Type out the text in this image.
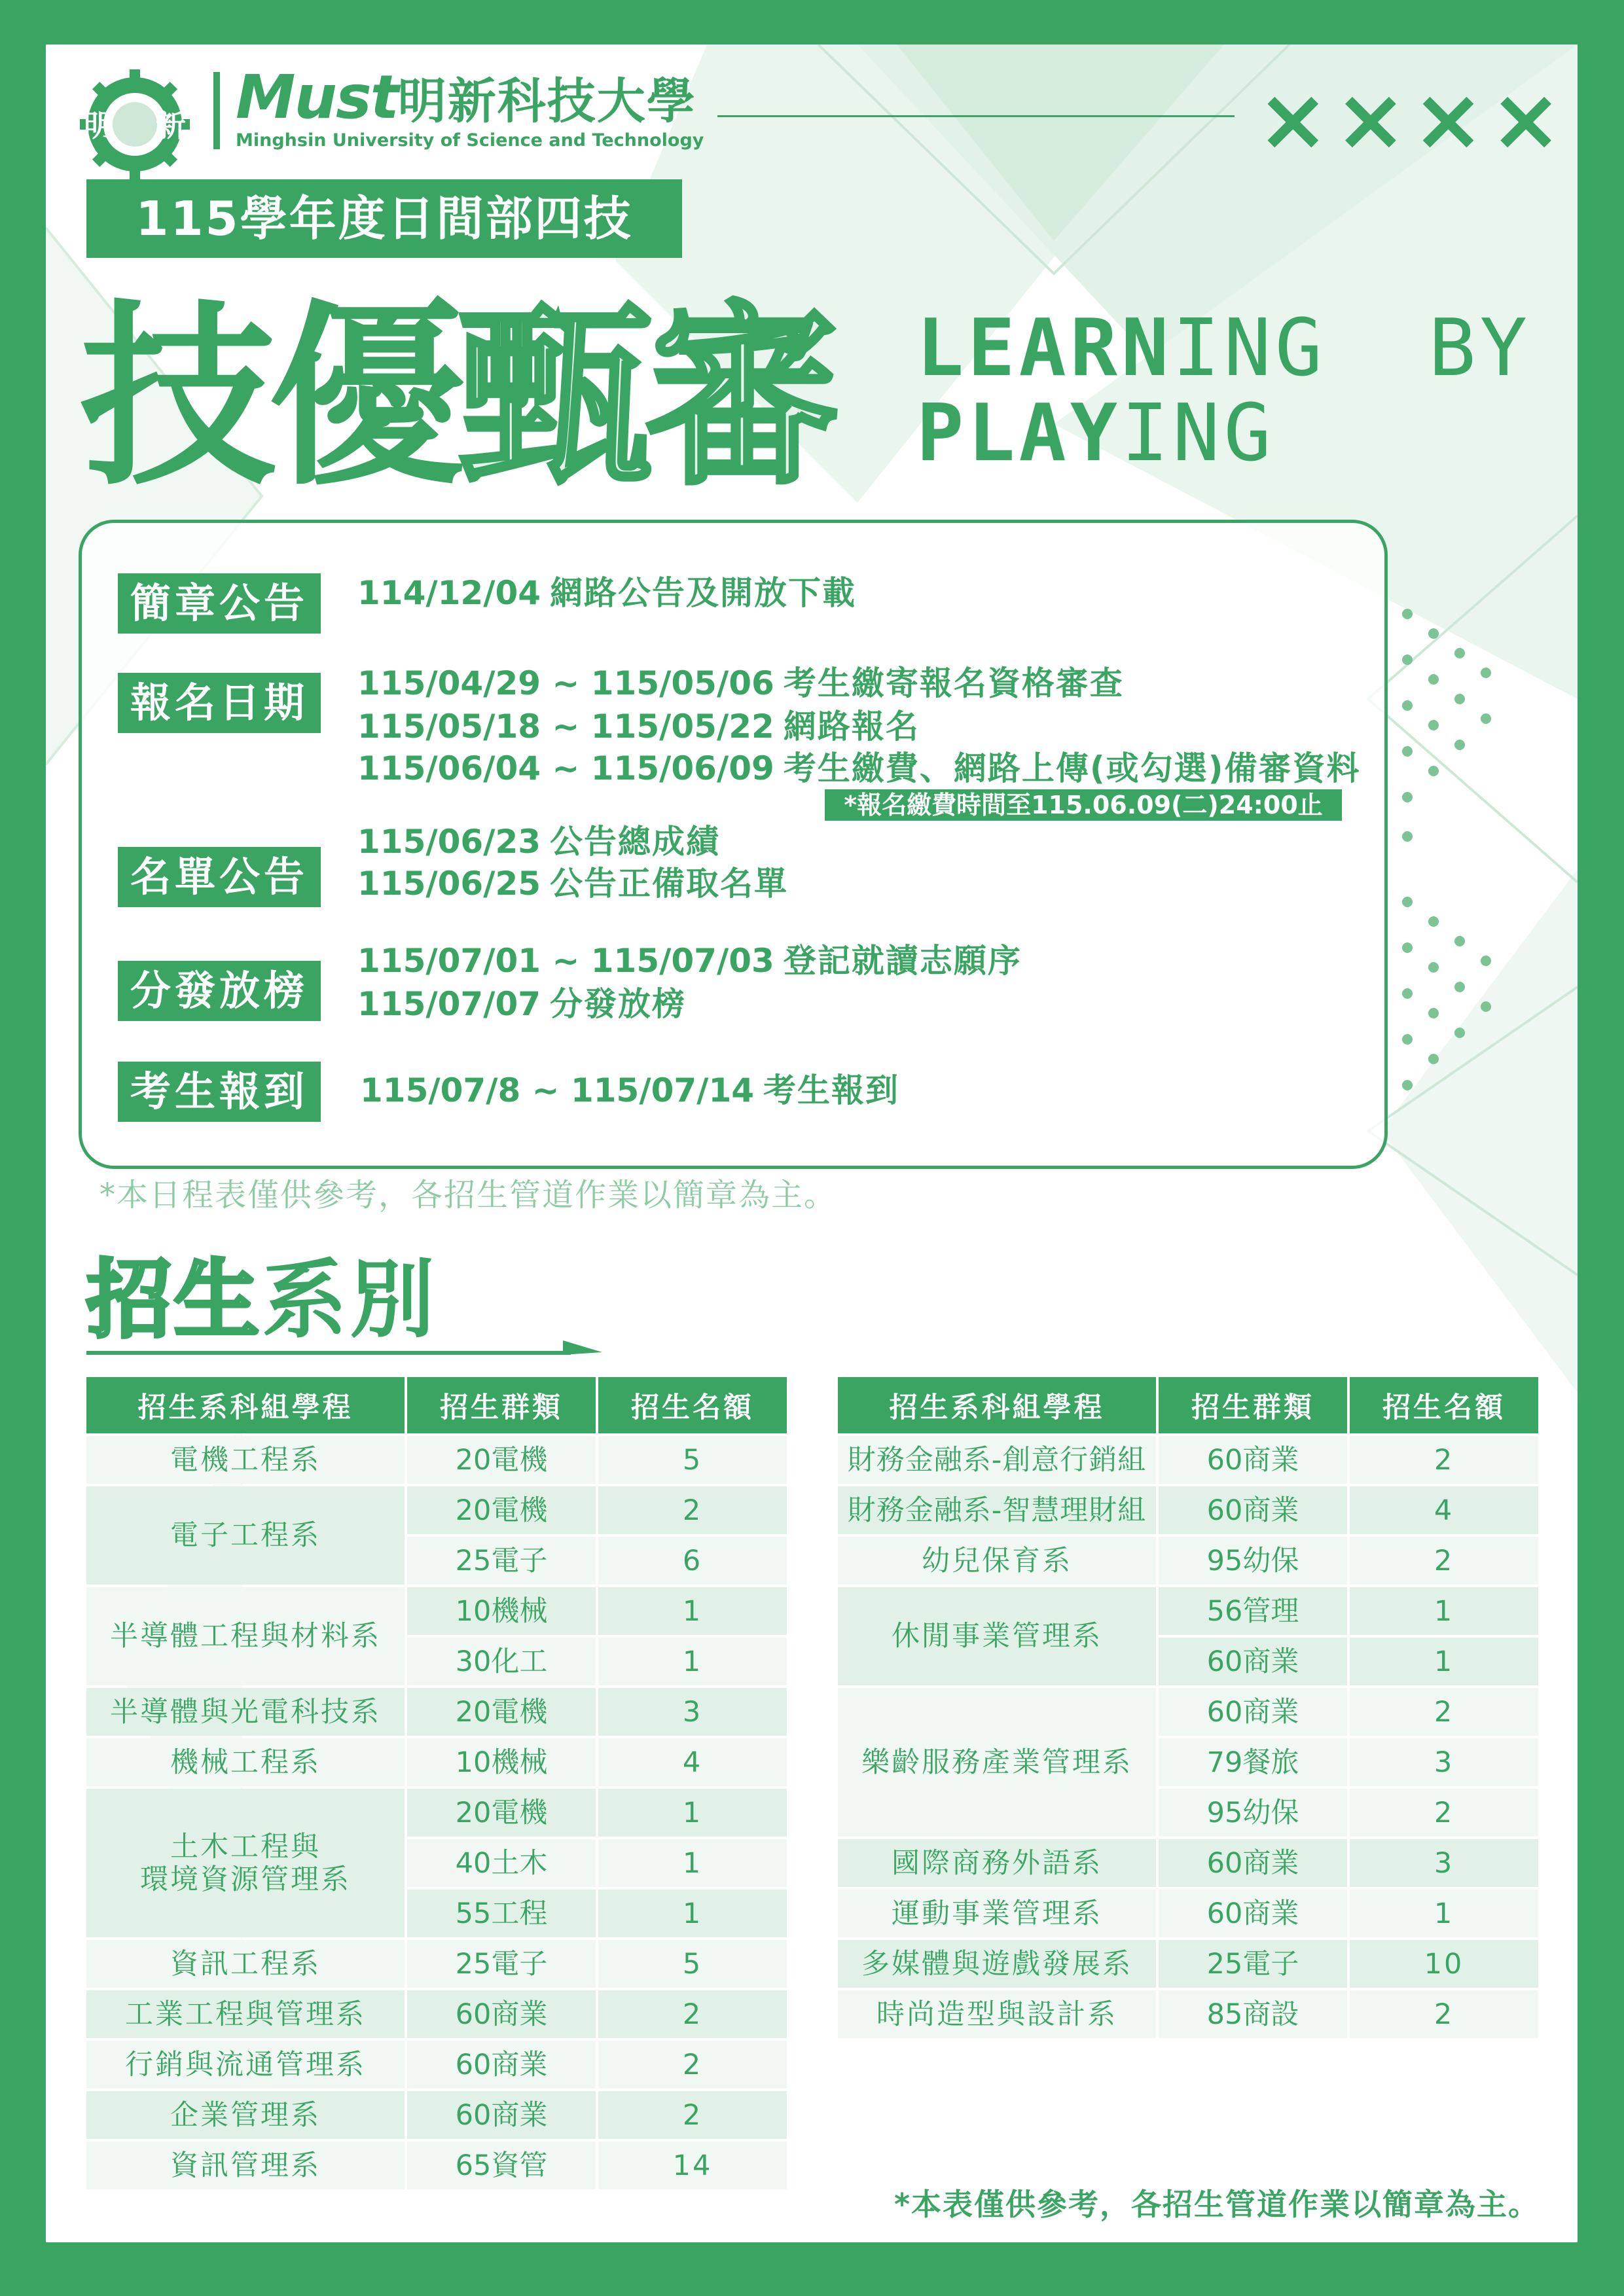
明 新 Must明新科技大學
Minghsin University of Science and Technology	××××
115學年度日間部四技
技優甄審 LEARNING  BY
PLAYING
簡章公告	114/12/04 網路公告及開放下載
報名日期	115/04/29 ~ 115/05/06 考生繳寄報名資格審查
115/05/18 ~ 115/05/22 網路報名
115/06/04 ~ 115/06/09 考生繳費、網路上傳(或勾選)備審資料
*報名繳費時間至115.06.09(二)24:00止
名單公告
115/06/23 公告總成績
115/06/25 公告正備取名單
分發放榜
115/07/01 ~ 115/07/03 登記就讀志願序
115/07/07 分發放榜
考生報到	115/07/8 ~ 115/07/14 考生報到
*本日程表僅供參考，各招生管道作業以簡章為主。
招生系別
招生系科組學程	招生群類	招生名額
電機工程系	20電機	5
電子工程系	20電機	2
	25電子	6
半導體工程與材料系	10機械	1
	30化工	1
半導體與光電科技系	20電機	3
機械工程系	10機械	4

土木工程與
環境資源管理系	20電機	1
	40土木	1
	55工程	1
資訊工程系	25電子	5
工業工程與管理系	60商業	2
行銷與流通管理系	60商業	2
企業管理系	60商業	2
資訊管理系	65資管	14
招生系科組學程	招生群類	招生名額
財務金融系-創意行銷組	60商業	2
財務金融系-智慧理財組	60商業	4
幼兒保育系	95幼保	2
休閒事業管理系	56管理	1
	60商業	1
樂齡服務產業管理系	60商業	2
	79餐旅	3
	95幼保	2
國際商務外語系	60商業	3
運動事業管理系	60商業	1
多媒體與遊戲發展系	25電子	10
時尚造型與設計系	85商設	2
*本表僅供參考，各招生管道作業以簡章為主。
